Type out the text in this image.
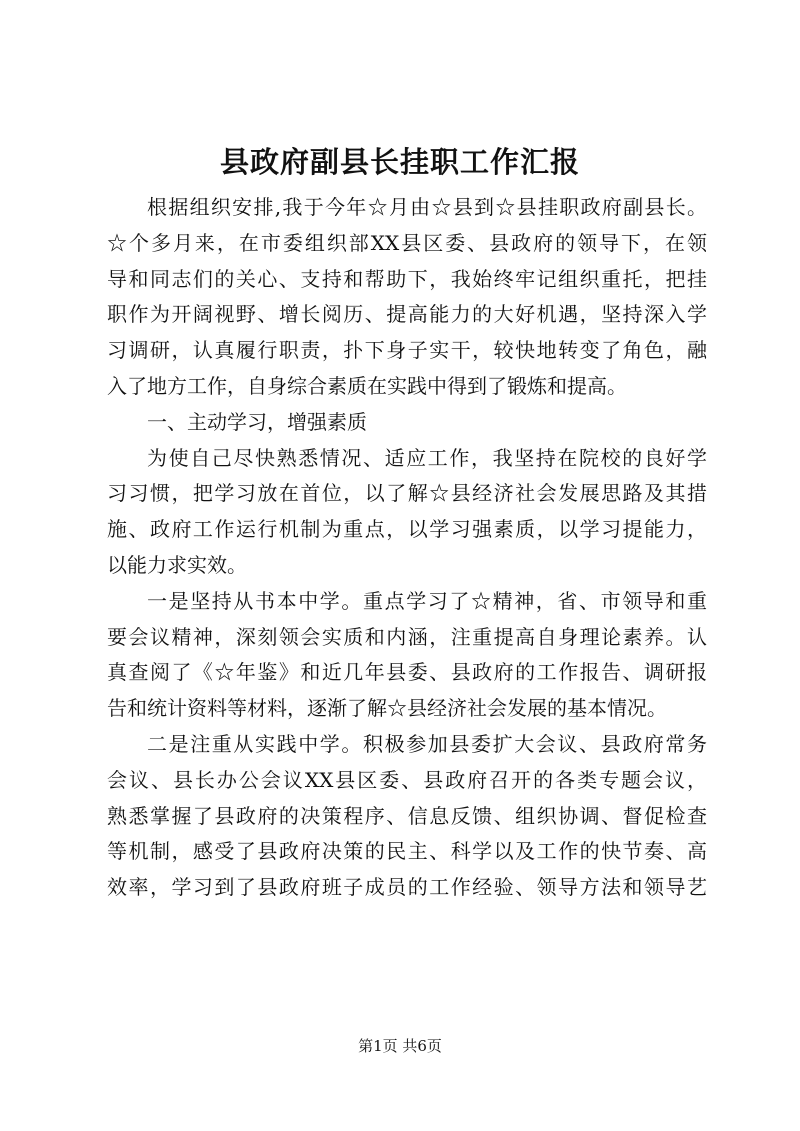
县政府副县长挂职工作汇报
根据组织安排,我于今年☆月由☆县到☆县挂职政府副县长。
☆个多月来，在市委组织部XX县区委、县政府的领导下，在领
导和同志们的关心、支持和帮助下，我始终牢记组织重托，把挂
职作为开阔视野、增长阅历、提高能力的大好机遇，坚持深入学
习调研，认真履行职责，扑下身子实干，较快地转变了角色，融
入了地方工作，自身综合素质在实践中得到了锻炼和提高。
一、主动学习，增强素质
为使自己尽快熟悉情况、适应工作，我坚持在院校的良好学
习习惯，把学习放在首位，以了解☆县经济社会发展思路及其措
施、政府工作运行机制为重点，以学习强素质，以学习提能力，
以能力求实效。
一是坚持从书本中学。重点学习了☆精神，省、市领导和重
要会议精神，深刻领会实质和内涵，注重提高自身理论素养。认
真查阅了《☆年鉴》和近几年县委、县政府的工作报告、调研报
告和统计资料等材料，逐渐了解☆县经济社会发展的基本情况。
二是注重从实践中学。积极参加县委扩大会议、县政府常务
会议、县长办公会议XX县区委、县政府召开的各类专题会议，
熟悉掌握了县政府的决策程序、信息反馈、组织协调、督促检查
等机制，感受了县政府决策的民主、科学以及工作的快节奏、高
效率，学习到了县政府班子成员的工作经验、领导方法和领导艺
第1页 共6页
